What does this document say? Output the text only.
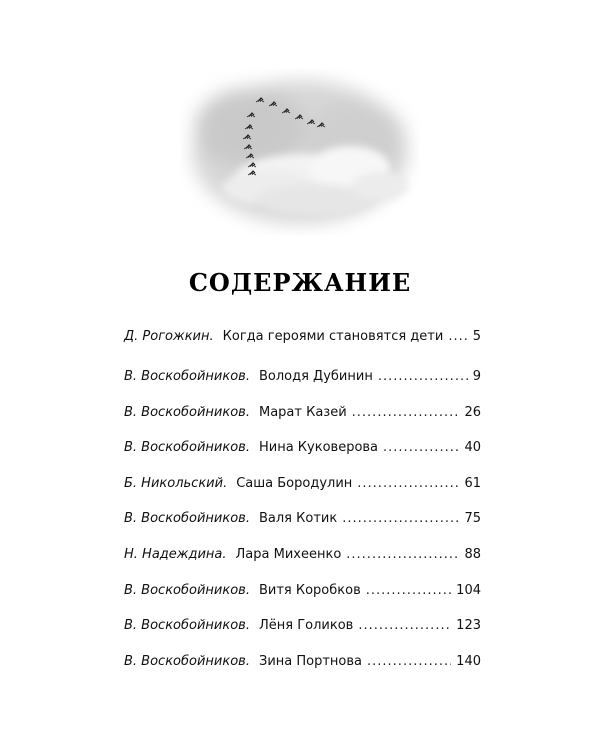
СОДЕРЖАНИЕ
Д. Рогожкин. Когда героями становятся дети ..... 5
В. Воскобойников. Володя Дубинин .....	9
В. Воскобойников. Марат Казей .....	26
В. Воскобойников. Нина Куковерова .....	40
Б. Никольский. Саша Бородулин .....	61
В. Воскобойников. Валя Котик .....	75
Н. Надеждина. Лара Михеенко .....	88
В. Воскобойников. Витя Коробков .....	104
В. Воскобойников. Лёня Голиков .....	123
В. Воскобойников. Зина Портнова .....	140
